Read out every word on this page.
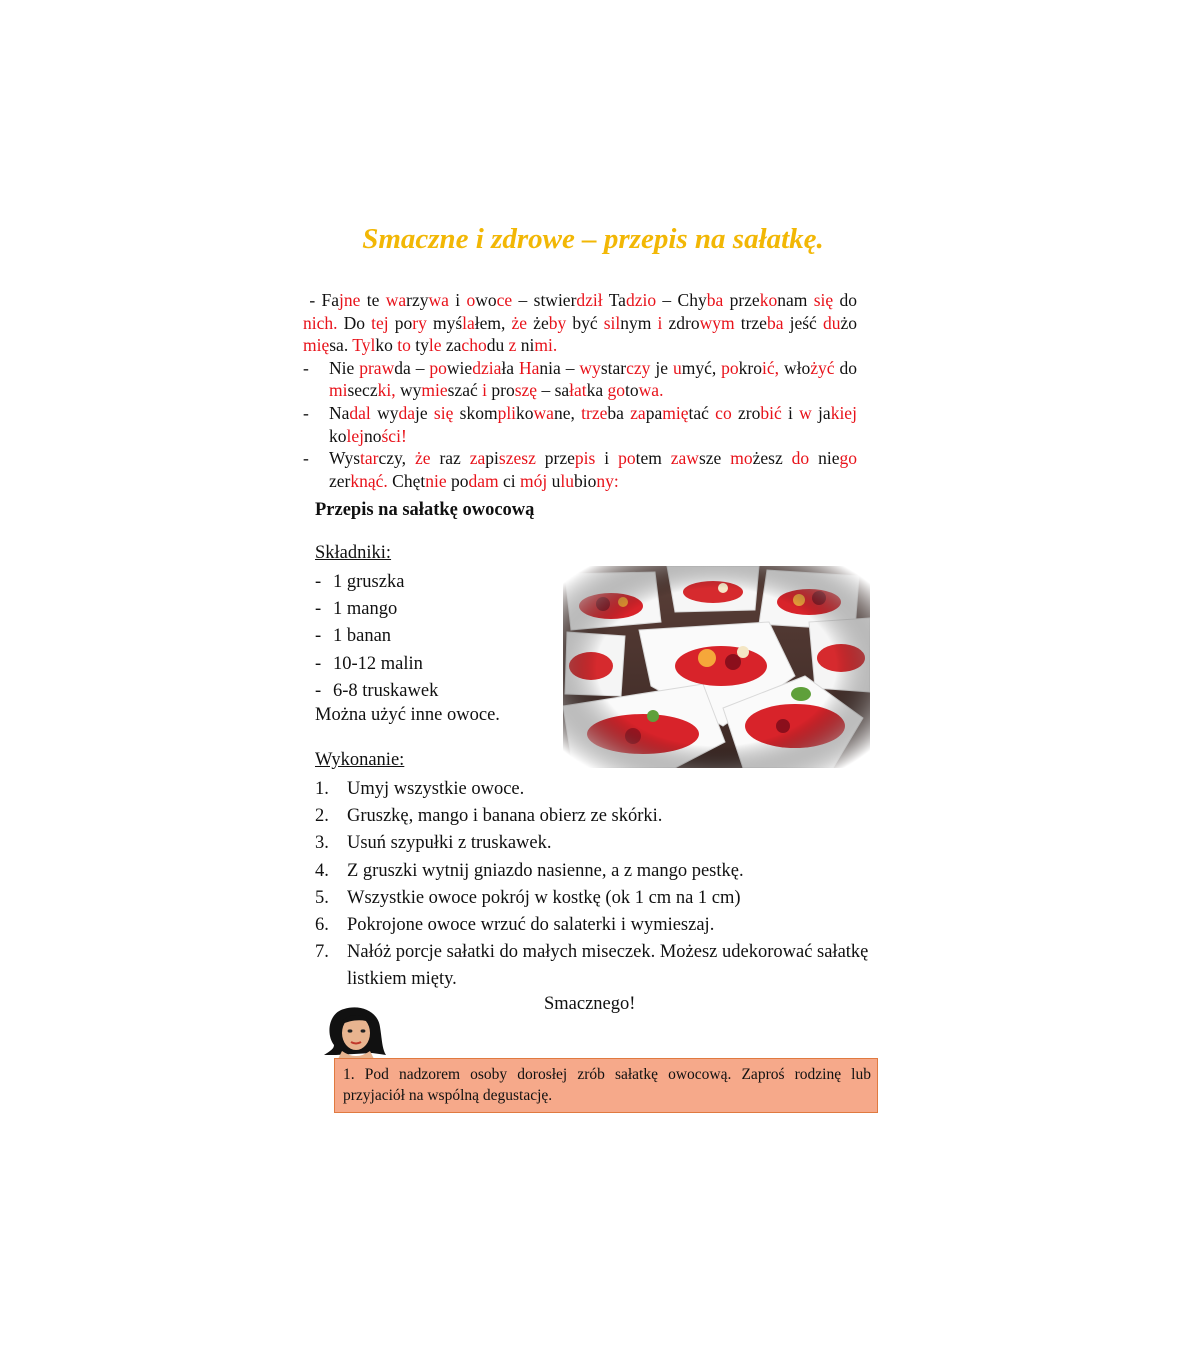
Smaczne i zdrowe – przepis na sałatkę.

- Fajne te warzywa i owoce – stwierdził Tadzio – Chyba przekonam się do nich. Do tej pory myślałem, że żeby być silnym i zdrowym trzeba jeść dużo mięsa. Tylko to tyle zachodu z nimi.

- Nie prawda – powiedziała Hania – wystarczy je umyć, pokroić, włożyć do miseczki, wymieszać i proszę – sałatka gotowa.

- Nadal wydaje się skomplikowane, trzeba zapamiętać co zrobić i w jakiej kolejności!

- Wystarczy, że raz zapiszesz przepis i potem zawsze możesz do niego zerknąć. Chętnie podam ci mój ulubiony:

Przepis na sałatkę owocową
Składniki:
- 1 gruszka
- 1 mango
- 1 banan
- 10-12 malin
- 6-8 truskawek
Można użyć inne owoce.
Wykonanie:
1. Umyj wszystkie owoce.
2. Gruszkę, mango i banana obierz ze skórki.
3. Usuń szypułki z truskawek.
4. Z gruszki wytnij gniazdo nasienne, a z mango pestkę.
5. Wszystkie owoce pokrój w kostkę (ok 1 cm na 1 cm)
6. Pokrojone owoce wrzuć do salaterki i wymieszaj.
7. Nałóż porcje sałatki do małych miseczek. Możesz udekorować sałatkę listkiem mięty.
Smacznego!
1. Pod nadzorem osoby dorosłej zrób sałatkę owocową. Zaproś rodzinę lub przyjaciół na wspólną degustację.
